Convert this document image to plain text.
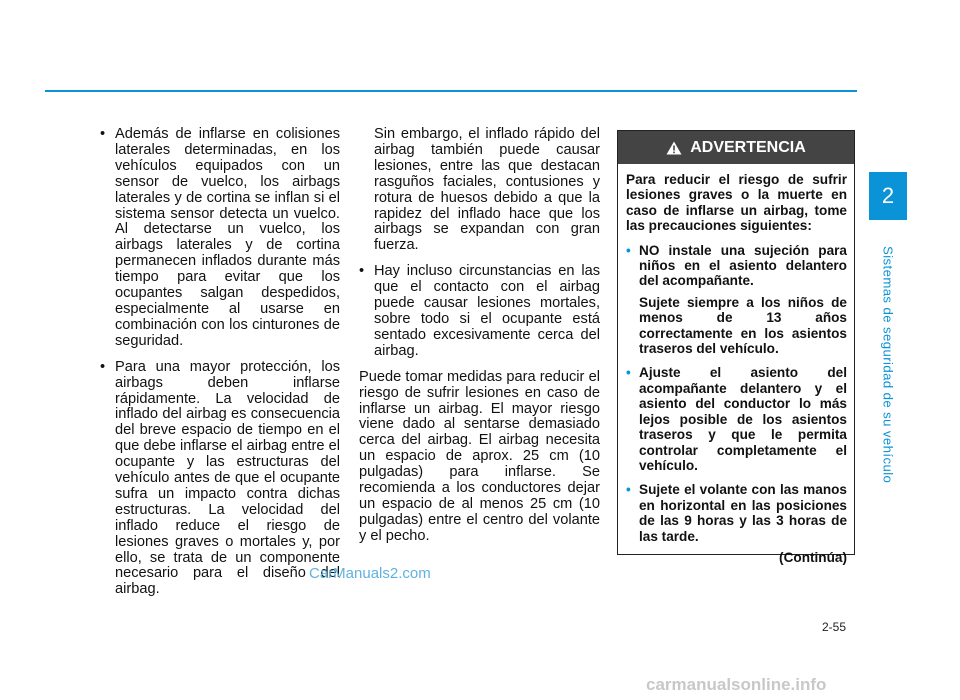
• Además de inflarse en colisiones laterales determinadas, en los vehículos equipados con un sensor de vuelco, los airbags laterales y de cortina se inflan si el sistema sensor detecta un vuelco. Al detectarse un vuelco, los airbags laterales y de cortina permanecen inflados durante más tiempo para evitar que los ocupantes salgan despedidos, especialmente al usarse en combinación con los cinturones de seguridad.
• Para una mayor protección, los airbags deben inflarse rápidamente. La velocidad de inflado del airbag es consecuencia del breve espacio de tiempo en el que debe inflarse el airbag entre el ocupante y las estructuras del vehículo antes de que el ocupante sufra un impacto contra dichas estructuras. La velocidad del inflado reduce el riesgo de lesiones graves o mortales y, por ello, se trata de un componente necesario para el diseño del airbag.
Sin embargo, el inflado rápido del airbag también puede causar lesiones, entre las que destacan rasguños faciales, contusiones y rotura de huesos debido a que la rapidez del inflado hace que los airbags se expandan con gran fuerza.
• Hay incluso circunstancias en las que el contacto con el airbag puede causar lesiones mortales, sobre todo si el ocupante está sentado excesivamente cerca del airbag.

Puede tomar medidas para reducir el riesgo de sufrir lesiones en caso de inflarse un airbag. El mayor riesgo viene dado al sentarse demasiado cerca del airbag. El airbag necesita un espacio de aprox. 25 cm (10 pulgadas) para inflarse. Se recomienda a los conductores dejar un espacio de al menos 25 cm (10 pulgadas) entre el centro del volante y el pecho.

ADVERTENCIA

Para reducir el riesgo de sufrir lesiones graves o la muerte en caso de inflarse un airbag, tome las precauciones siguientes:

• NO instale una sujeción para niños en el asiento delantero del acompañante.
Sujete siempre a los niños de menos de 13 años correctamente en los asientos traseros del vehículo.
• Ajuste el asiento del acompañante delantero y el asiento del conductor lo más lejos posible de los asientos traseros y que le permita controlar completamente el vehículo.
• Sujete el volante con las manos en horizontal en las posiciones de las 9 horas y las 3 horas de las tarde.
(Continúa)
2
Sistemas de seguridad de su vehículo
2-55
CarManuals2.com
carmanualsonline.info
